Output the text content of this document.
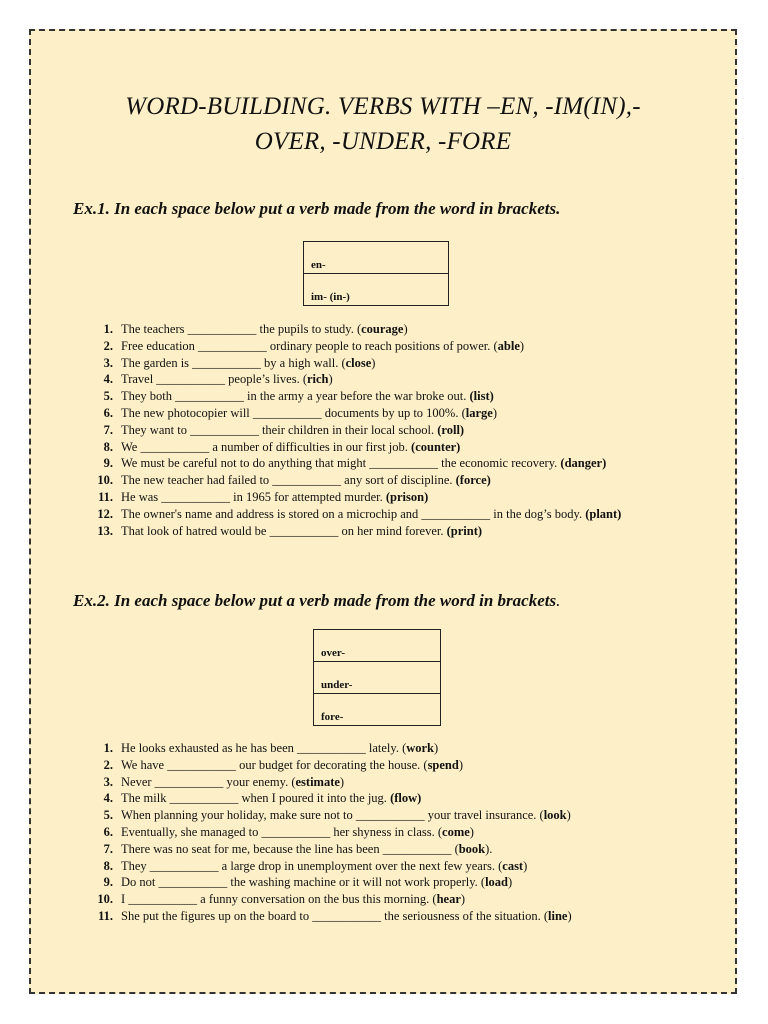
WORD-BUILDING. VERBS WITH –EN, -IM(IN),-
OVER, -UNDER, -FORE
Ex.1. In each space below put a verb made from the word in brackets.
en-
im- (in-)
1. The teachers ___________ the pupils to study. (courage)
2. Free education ___________ ordinary people to reach positions of power. (able)
3. The garden is ___________ by a high wall. (close)
4. Travel ___________ people’s lives. (rich)
5. They both ___________ in the army a year before the war broke out. (list)
6. The new photocopier will ___________ documents by up to 100%. (large)
7. They want to ___________ their children in their local school. (roll)
8. We ___________ a number of difficulties in our first job. (counter)
9. We must be careful not to do anything that might ___________ the economic recovery. (danger)
10. The new teacher had failed to ___________ any sort of discipline. (force)
11. He was ___________ in 1965 for attempted murder. (prison)
12. The owner's name and address is stored on a microchip and ___________ in the dog’s body. (plant)
13. That look of hatred would be ___________ on her mind forever. (print)
Ex.2. In each space below put a verb made from the word in brackets.
over-
under-
fore-
1. He looks exhausted as he has been ___________ lately. (work)
2. We have ___________ our budget for decorating the house. (spend)
3. Never ___________ your enemy. (estimate)
4. The milk ___________ when I poured it into the jug. (flow)
5. When planning your holiday, make sure not to ___________ your travel insurance. (look)
6. Eventually, she managed to ___________ her shyness in class. (come)
7. There was no seat for me, because the line has been ___________ (book).
8. They ___________ a large drop in unemployment over the next few years. (cast)
9. Do not ___________ the washing machine or it will not work properly. (load)
10. I ___________ a funny conversation on the bus this morning. (hear)
11. She put the figures up on the board to ___________ the seriousness of the situation. (line)
